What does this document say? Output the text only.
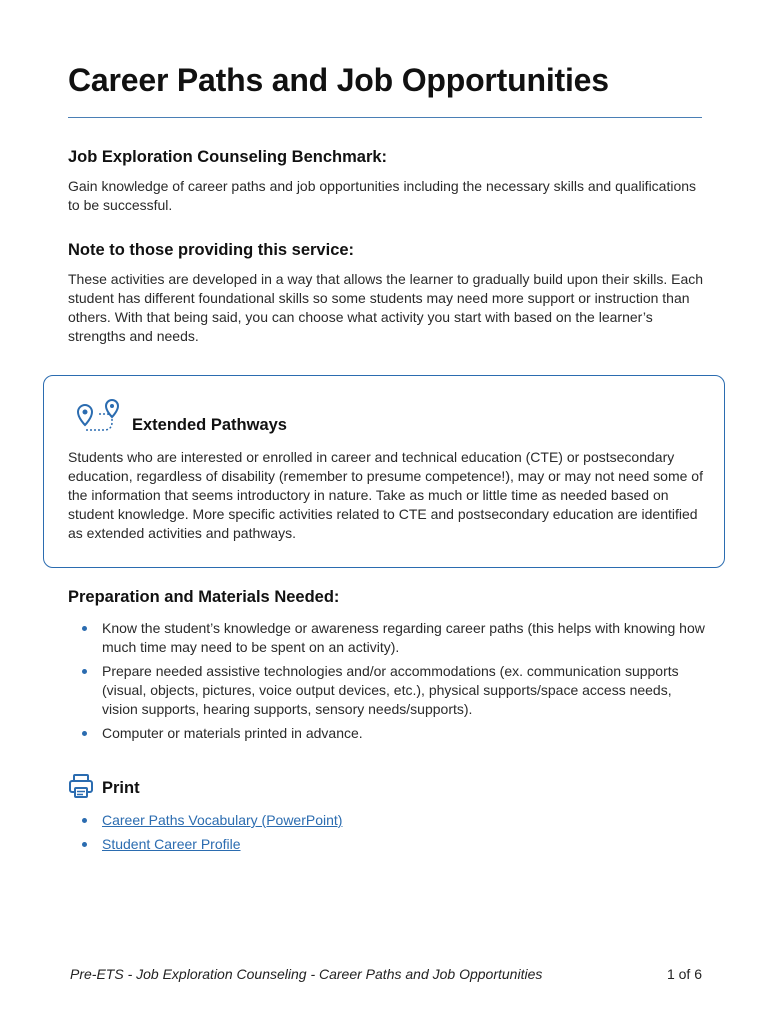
Career Paths and Job Opportunities
Job Exploration Counseling Benchmark:

Gain knowledge of career paths and job opportunities including the necessary skills and qualifications to be successful.

Note to those providing this service:

These activities are developed in a way that allows the learner to gradually build upon their skills. Each student has different foundational skills so some students may need more support or instruction than others. With that being said, you can choose what activity you start with based on the learner’s strengths and needs.

Extended Pathways

Students who are interested or enrolled in career and technical education (CTE) or postsecondary education, regardless of disability (remember to presume competence!), may or may not need some of the information that seems introductory in nature. Take as much or little time as needed based on student knowledge. More specific activities related to CTE and postsecondary education are identified as extended activities and pathways.

Preparation and Materials Needed:
Know the student’s knowledge or awareness regarding career paths (this helps with knowing how much time may need to be spent on an activity).
Prepare needed assistive technologies and/or accommodations (ex. communication supports (visual, objects, pictures, voice output devices, etc.), physical supports/space access needs, vision supports, hearing supports, sensory needs/supports).
Computer or materials printed in advance.
Print
Career Paths Vocabulary (PowerPoint)
Student Career Profile
Pre-ETS - Job Exploration Counseling - Career Paths and Job Opportunities	1 of 6
